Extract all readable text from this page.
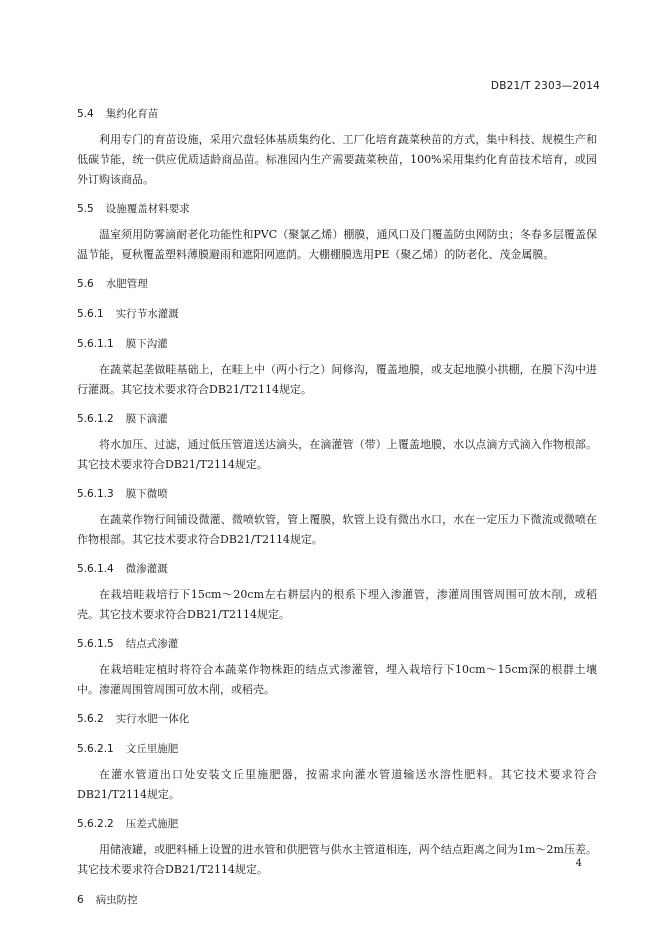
DB21/T 2303—2014

5.4 集约化育苗

利用专门的育苗设施，采用穴盘轻体基质集约化、工厂化培育蔬菜秧苗的方式，集中科技、规模生产和低碳节能，统一供应优质适龄商品苗。标准园内生产需要蔬菜秧苗，100%采用集约化育苗技术培育，或园外订购该商品。

5.5 设施覆盖材料要求

温室须用防雾滴耐老化功能性和PVC（聚氯乙烯）棚膜，通风口及门覆盖防虫网防虫；冬春多层覆盖保温节能，夏秋覆盖塑料薄膜避雨和遮阳网遮荫。大棚棚膜选用PE（聚乙烯）的防老化、茂金属膜。

5.6 水肥管理

5.6.1 实行节水灌溉

5.6.1.1 膜下沟灌

在蔬菜起垄做畦基础上，在畦上中（两小行之）间修沟，覆盖地膜，或支起地膜小拱棚，在膜下沟中进行灌溉。其它技术要求符合DB21/T2114规定。

5.6.1.2 膜下滴灌

将水加压、过滤，通过低压管道送达滴头，在滴灌管（带）上覆盖地膜，水以点滴方式滴入作物根部。其它技术要求符合DB21/T2114规定。

5.6.1.3 膜下微喷

在蔬菜作物行间铺设微灌、微喷软管，管上覆膜，软管上设有微出水口，水在一定压力下微流或微喷在作物根部。其它技术要求符合DB21/T2114规定。

5.6.1.4 微渗灌溉

在栽培畦栽培行下15cm～20cm左右耕层内的根系下埋入渗灌管，渗灌周围管周围可放木削，或稻壳。其它技术要求符合DB21/T2114规定。

5.6.1.5 结点式渗灌

在栽培畦定植时将符合本蔬菜作物株距的结点式渗灌管，埋入栽培行下10cm～15cm深的根群土壤中。渗灌周围管周围可放木削，或稻壳。

5.6.2 实行水肥一体化

5.6.2.1 文丘里施肥

在灌水管道出口处安装文丘里施肥器，按需求向灌水管道输送水溶性肥料。其它技术要求符合DB21/T2114规定。

5.6.2.2 压差式施肥

用储液罐，或肥料桶上设置的进水管和供肥管与供水主管道相连，两个结点距离之间为1m～2m压差。其它技术要求符合DB21/T2114规定。

6 病虫防控

4
